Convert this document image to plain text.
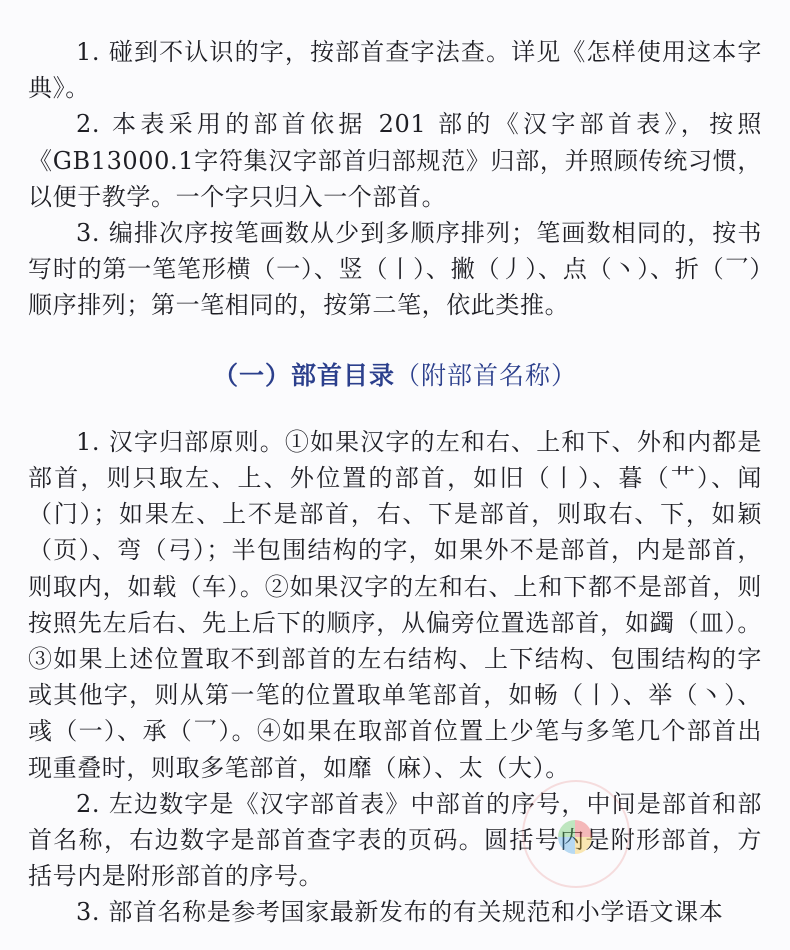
1. 碰到不认识的字，按部首查字法查。详见《怎样使用这本字典》。

2. 本表采用的部首依据 201 部的《汉字部首表》，按照《GB13000.1字符集汉字部首归部规范》归部，并照顾传统习惯，以便于教学。一个字只归入一个部首。

3. 编排次序按笔画数从少到多顺序排列；笔画数相同的，按书写时的第一笔笔形横（一）、竖（丨）、撇（丿）、点（丶）、折（乛）顺序排列；第一笔相同的，按第二笔，依此类推。

（一）部首目录（附部首名称）

1. 汉字归部原则。①如果汉字的左和右、上和下、外和内都是部首，则只取左、上、外位置的部首，如旧（丨）、暮（艹）、闻（门）；如果左、上不是部首，右、下是部首，则取右、下，如颖（页）、弯（弓）；半包围结构的字，如果外不是部首，内是部首，则取内，如载（车）。②如果汉字的左和右、上和下都不是部首，则按照先左后右、先上后下的顺序，从偏旁位置选部首，如蠲（皿）。③如果上述位置取不到部首的左右结构、上下结构、包围结构的字或其他字，则从第一笔的位置取单笔部首，如畅（丨）、举（丶）、彧（一）、承（乛）。④如果在取部首位置上少笔与多笔几个部首出现重叠时，则取多笔部首，如靡（麻）、太（大）。

2. 左边数字是《汉字部首表》中部首的序号，中间是部首和部首名称，右边数字是部首查字表的页码。圆括号内是附形部首，方括号内是附形部首的序号。

3. 部首名称是参考国家最新发布的有关规范和小学语文课本
